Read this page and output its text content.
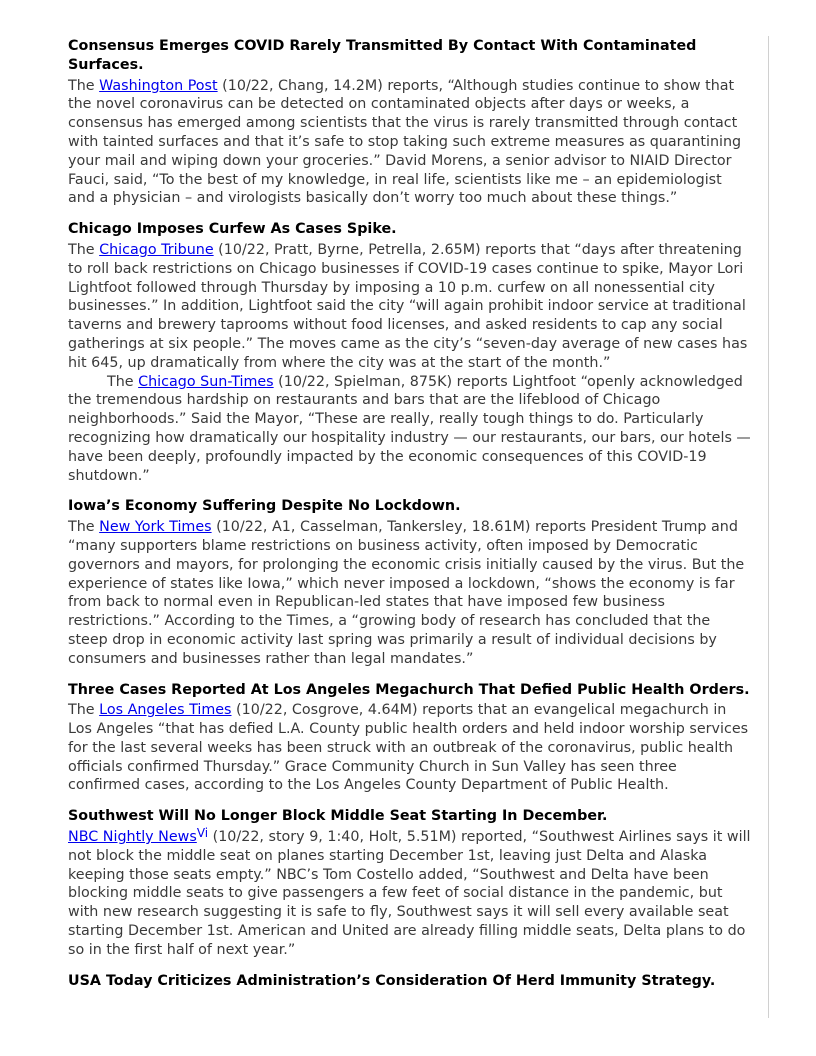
Consensus Emerges COVID Rarely Transmitted By Contact With Contaminated Surfaces.

The Washington Post (10/22, Chang, 14.2M) reports, “Although studies continue to show that the novel coronavirus can be detected on contaminated objects after days or weeks, a consensus has emerged among scientists that the virus is rarely transmitted through contact with tainted surfaces and that it’s safe to stop taking such extreme measures as quarantining your mail and wiping down your groceries.” David Morens, a senior advisor to NIAID Director Fauci, said, “To the best of my knowledge, in real life, scientists like me – an epidemiologist and a physician – and virologists basically don’t worry too much about these things.”

Chicago Imposes Curfew As Cases Spike.

The Chicago Tribune (10/22, Pratt, Byrne, Petrella, 2.65M) reports that “days after threatening to roll back restrictions on Chicago businesses if COVID-19 cases continue to spike, Mayor Lori Lightfoot followed through Thursday by imposing a 10 p.m. curfew on all nonessential city businesses.” In addition, Lightfoot said the city “will again prohibit indoor service at traditional taverns and brewery taprooms without food licenses, and asked residents to cap any social gatherings at six people.” The moves came as the city’s “seven-day average of new cases has hit 645, up dramatically from where the city was at the start of the month.”

The Chicago Sun-Times (10/22, Spielman, 875K) reports Lightfoot “openly acknowledged the tremendous hardship on restaurants and bars that are the lifeblood of Chicago neighborhoods.” Said the Mayor, “These are really, really tough things to do. Particularly recognizing how dramatically our hospitality industry — our restaurants, our bars, our hotels — have been deeply, profoundly impacted by the economic consequences of this COVID-19 shutdown.”

Iowa’s Economy Suffering Despite No Lockdown.

The New York Times (10/22, A1, Casselman, Tankersley, 18.61M) reports President Trump and “many supporters blame restrictions on business activity, often imposed by Democratic governors and mayors, for prolonging the economic crisis initially caused by the virus. But the experience of states like Iowa,” which never imposed a lockdown, “shows the economy is far from back to normal even in Republican-led states that have imposed few business restrictions.” According to the Times, a “growing body of research has concluded that the steep drop in economic activity last spring was primarily a result of individual decisions by consumers and businesses rather than legal mandates.”

Three Cases Reported At Los Angeles Megachurch That Defied Public Health Orders.

The Los Angeles Times (10/22, Cosgrove, 4.64M) reports that an evangelical megachurch in Los Angeles “that has defied L.A. County public health orders and held indoor worship services for the last several weeks has been struck with an outbreak of the coronavirus, public health officials confirmed Thursday.” Grace Community Church in Sun Valley has seen three confirmed cases, according to the Los Angeles County Department of Public Health.

Southwest Will No Longer Block Middle Seat Starting In December.

NBC Nightly News$^{Vi}$ (10/22, story 9, 1:40, Holt, 5.51M) reported, “Southwest Airlines says it will not block the middle seat on planes starting December 1st, leaving just Delta and Alaska keeping those seats empty.” NBC’s Tom Costello added, “Southwest and Delta have been blocking middle seats to give passengers a few feet of social distance in the pandemic, but with new research suggesting it is safe to fly, Southwest says it will sell every available seat starting December 1st. American and United are already filling middle seats, Delta plans to do so in the first half of next year.”

USA Today Criticizes Administration’s Consideration Of Herd Immunity Strategy.
